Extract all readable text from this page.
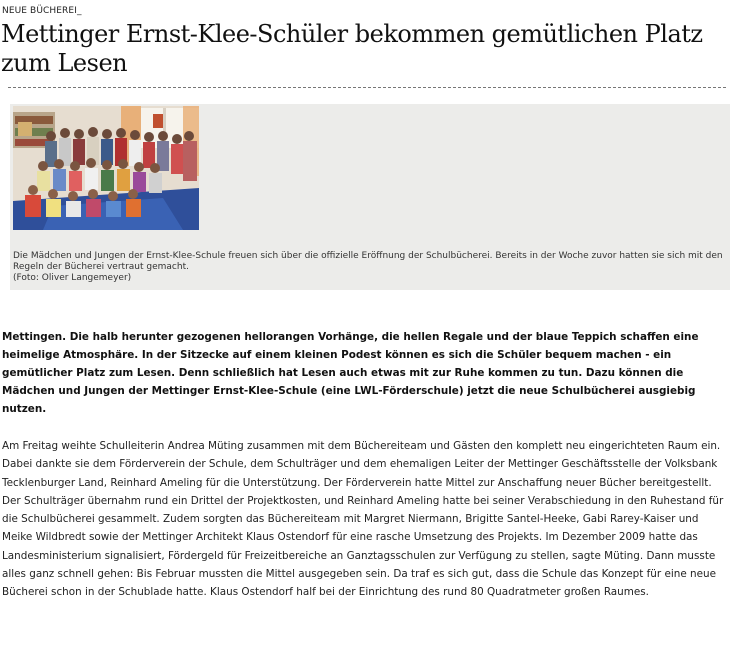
NEUE BÜCHEREI_
Mettinger Ernst-Klee-Schüler bekommen gemütlichen Platz zum Lesen

Die Mädchen und Jungen der Ernst-Klee-Schule freuen sich über die offizielle Eröffnung der Schulbücherei. Bereits in der Woche zuvor hatten sie sich mit den Regeln der Bücherei vertraut gemacht.
(Foto: Oliver Langemeyer)

Mettingen. Die halb herunter gezogenen hellorangen Vorhänge, die hellen Regale und der blaue Teppich schaffen eine heimelige Atmosphäre. In der Sitzecke auf einem kleinen Podest können es sich die Schüler bequem machen - ein gemütlicher Platz zum Lesen. Denn schließlich hat Lesen auch etwas mit zur Ruhe kommen zu tun. Dazu können die Mädchen und Jungen der Mettinger Ernst-Klee-Schule (eine LWL-Förderschule) jetzt die neue Schulbücherei ausgiebig nutzen.

Am Freitag weihte Schulleiterin Andrea Müting zusammen mit dem Büchereiteam und Gästen den komplett neu eingerichteten Raum ein. Dabei dankte sie dem Förderverein der Schule, dem Schulträger und dem ehemaligen Leiter der Mettinger Geschäftsstelle der Volksbank Tecklenburger Land, Reinhard Ameling für die Unterstützung. Der Förderverein hatte Mittel zur Anschaffung neuer Bücher bereitgestellt. Der Schulträger übernahm rund ein Drittel der Projektkosten, und Reinhard Ameling hatte bei seiner Verabschiedung in den Ruhestand für die Schulbücherei gesammelt. Zudem sorgten das Büchereiteam mit Margret Niermann, Brigitte Santel-Heeke, Gabi Rarey-Kaiser und Meike Wildbredt sowie der Mettinger Architekt Klaus Ostendorf für eine rasche Umsetzung des Projekts. Im Dezember 2009 hatte das Landesministerium signalisiert, Fördergeld für Freizeitbereiche an Ganztagsschulen zur Verfügung zu stellen, sagte Müting. Dann musste alles ganz schnell gehen: Bis Februar mussten die Mittel ausgegeben sein. Da traf es sich gut, dass die Schule das Konzept für eine neue Bücherei schon in der Schublade hatte. Klaus Ostendorf half bei der Einrichtung des rund 80 Quadratmeter großen Raumes.
